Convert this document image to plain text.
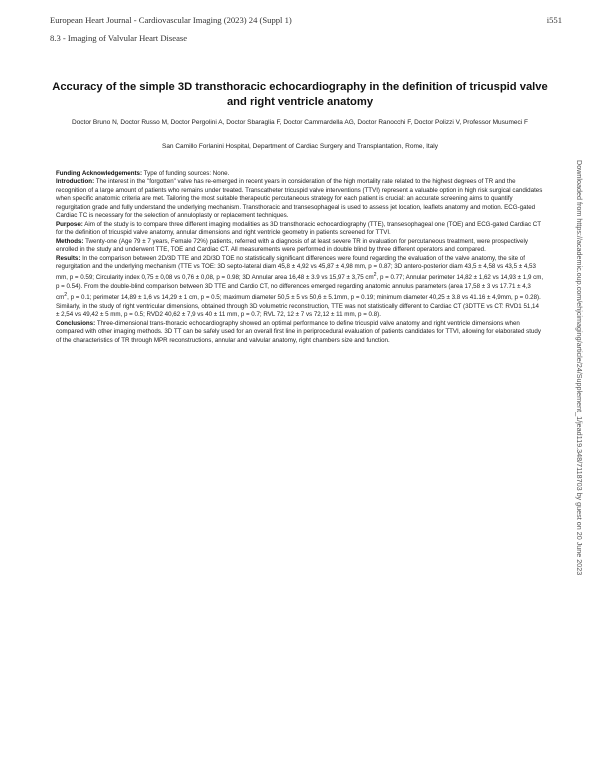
European Heart Journal - Cardiovascular Imaging (2023) 24 (Suppl 1)	i551
8.3 - Imaging of Valvular Heart Disease
Accuracy of the simple 3D transthoracic echocardiography in the definition of tricuspid valve and right ventricle anatomy
Doctor Bruno N, Doctor Russo M, Doctor Pergolini A, Doctor Sbaraglia F, Doctor Cammardella AG, Doctor Ranocchi F, Doctor Polizzi V, Professor Musumeci F
San Camillo Forlanini Hospital, Department of Cardiac Surgery and Transplantation, Rome, Italy

Funding Acknowledgements: Type of funding sources: None.

Introduction: The interest in the "forgotten" valve has re-emerged in recent years in consideration of the high mortality rate related to the highest degrees of TR and the recognition of a large amount of patients who remains under treated. Transcatheter tricuspid valve interventions (TTVI) represent a valuable option in high risk surgical candidates when specific anatomic criteria are met. Tailoring the most suitable therapeutic percutaneous strategy for each patient is crucial: an accurate screening aims to quantify regurgitation grade and fully understand the underlying mechanism. Transthoracic and transesophageal is used to assess jet location, leaflets anatomy and motion. ECG-gated Cardiac TC is necessary for the selection of annuloplasty or replacement techniques.

Purpose: Aim of the study is to compare three different imaging modalities as 3D transthoracic echocardiography (TTE), transesophageal one (TOE) and ECG-gated Cardiac CT for the definition of tricuspid valve anatomy, annular dimensions and right ventricle geometry in patients screened for TTVI.

Methods: Twenty-one (Age 79 ± 7 years, Female 72%) patients, referred with a diagnosis of at least severe TR in evaluation for percutaneous treatment, were prospectively enrolled in the study and underwent TTE, TOE and Cardiac CT. All measurements were performed in double blind by three different operators and compared.

Results: In the comparison between 2D/3D TTE and 2D/3D TOE no statistically significant differences were found regarding the evaluation of the valve anatomy, the site of regurgitation and the underlying mechanism (TTE vs TOE: 3D septo-lateral diam 45,8 ± 4,92 vs 45,87 ± 4,98 mm, p = 0.87; 3D antero-posterior diam 43,5 ± 4,58 vs 43,5 ± 4,53 mm, p = 0.59; Circularity index 0,75 ± 0,08 vs 0,76 ± 0,08, p = 0.98; 3D Annular area 16,48 ± 3.9 vs 15,97 ± 3,75 $cm^2$, p = 0.77; Annular perimeter 14,82 ± 1,62 vs 14,93 ± 1,9 cm, p = 0.54). From the double-blind comparison between 3D TTE and Cardio CT, no differences emerged regarding anatomic annulus parameters (area 17,58 ± 3 vs 17.71 ± 4,3 $cm^2$, p = 0.1; perimeter 14,89 ± 1,6 vs 14,29 ± 1 cm, p = 0.5; maximum diameter 50,5 ± 5 vs 50,6 ± 5.1mm, p = 0.19; minimum diameter 40,25 ± 3.8 vs 41.16 ± 4,9mm, p = 0.28). Similarly, in the study of right ventricular dimensions, obtained through 3D volumetric reconstruction, TTE was not statistically different to Cardiac CT (3DTTE vs CT: RVD1 51,14 ± 2,54 vs 49,42 ± 5 mm, p = 0.5; RVD2 40,62 ± 7,9 vs 40 ± 11 mm, p = 0.7; RVL 72, 12 ± 7 vs 72,12 ± 11 mm, p = 0.8).

Conclusions: Three-dimensional trans-thoracic echocardiography showed an optimal performance to define tricuspid valve anatomy and right ventricle dimensions when compared with other imaging methods. 3D TT can be safely used for an overall first line in periprocedural evaluation of patients candidates for TTVI, allowing for elaborated study of the characteristics of TR through MPR reconstructions, annular and valvular anatomy, right chambers size and function.	Downloaded from https://academic.oup.com/ehjcimaging/article/24/Supplement_1/jead119.348/7118703 by guest on 20 June 2023
